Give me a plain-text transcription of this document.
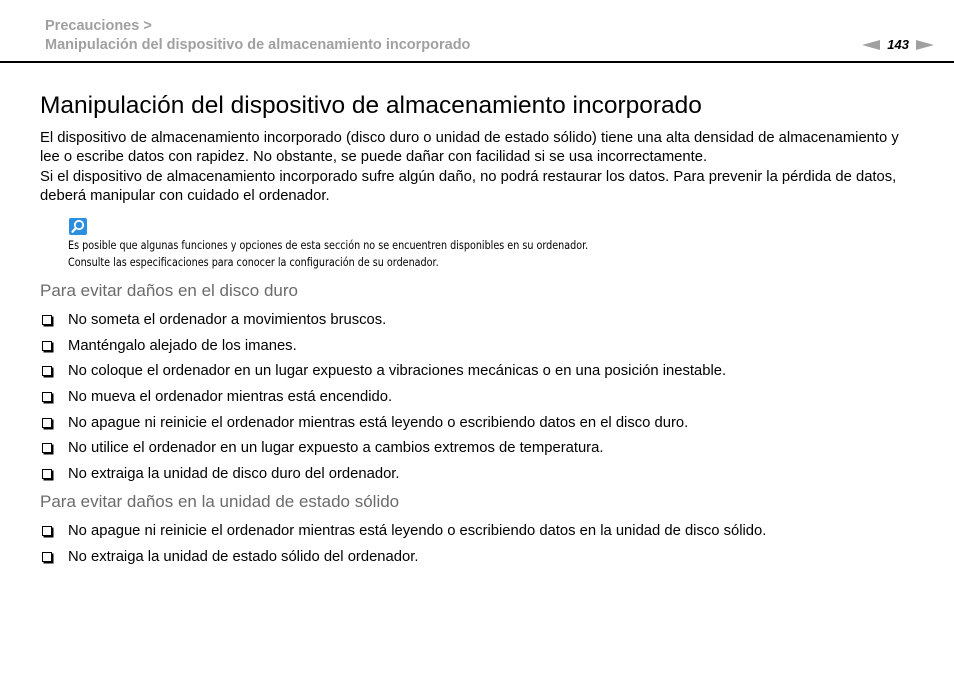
Precauciones >
Manipulación del dispositivo de almacenamiento incorporado	143
Manipulación del dispositivo de almacenamiento incorporado

El dispositivo de almacenamiento incorporado (disco duro o unidad de estado sólido) tiene una alta densidad de almacenamiento y lee o escribe datos con rapidez. No obstante, se puede dañar con facilidad si se usa incorrectamente.

Si el dispositivo de almacenamiento incorporado sufre algún daño, no podrá restaurar los datos. Para prevenir la pérdida de datos, deberá manipular con cuidado el ordenador.

Es posible que algunas funciones y opciones de esta sección no se encuentren disponibles en su ordenador.
Consulte las especificaciones para conocer la configuración de su ordenador.
Para evitar daños en el disco duro
No someta el ordenador a movimientos bruscos.
Manténgalo alejado de los imanes.
No coloque el ordenador en un lugar expuesto a vibraciones mecánicas o en una posición inestable.
No mueva el ordenador mientras está encendido.
No apague ni reinicie el ordenador mientras está leyendo o escribiendo datos en el disco duro.
No utilice el ordenador en un lugar expuesto a cambios extremos de temperatura.
No extraiga la unidad de disco duro del ordenador.
Para evitar daños en la unidad de estado sólido
No apague ni reinicie el ordenador mientras está leyendo o escribiendo datos en la unidad de disco sólido.
No extraiga la unidad de estado sólido del ordenador.
